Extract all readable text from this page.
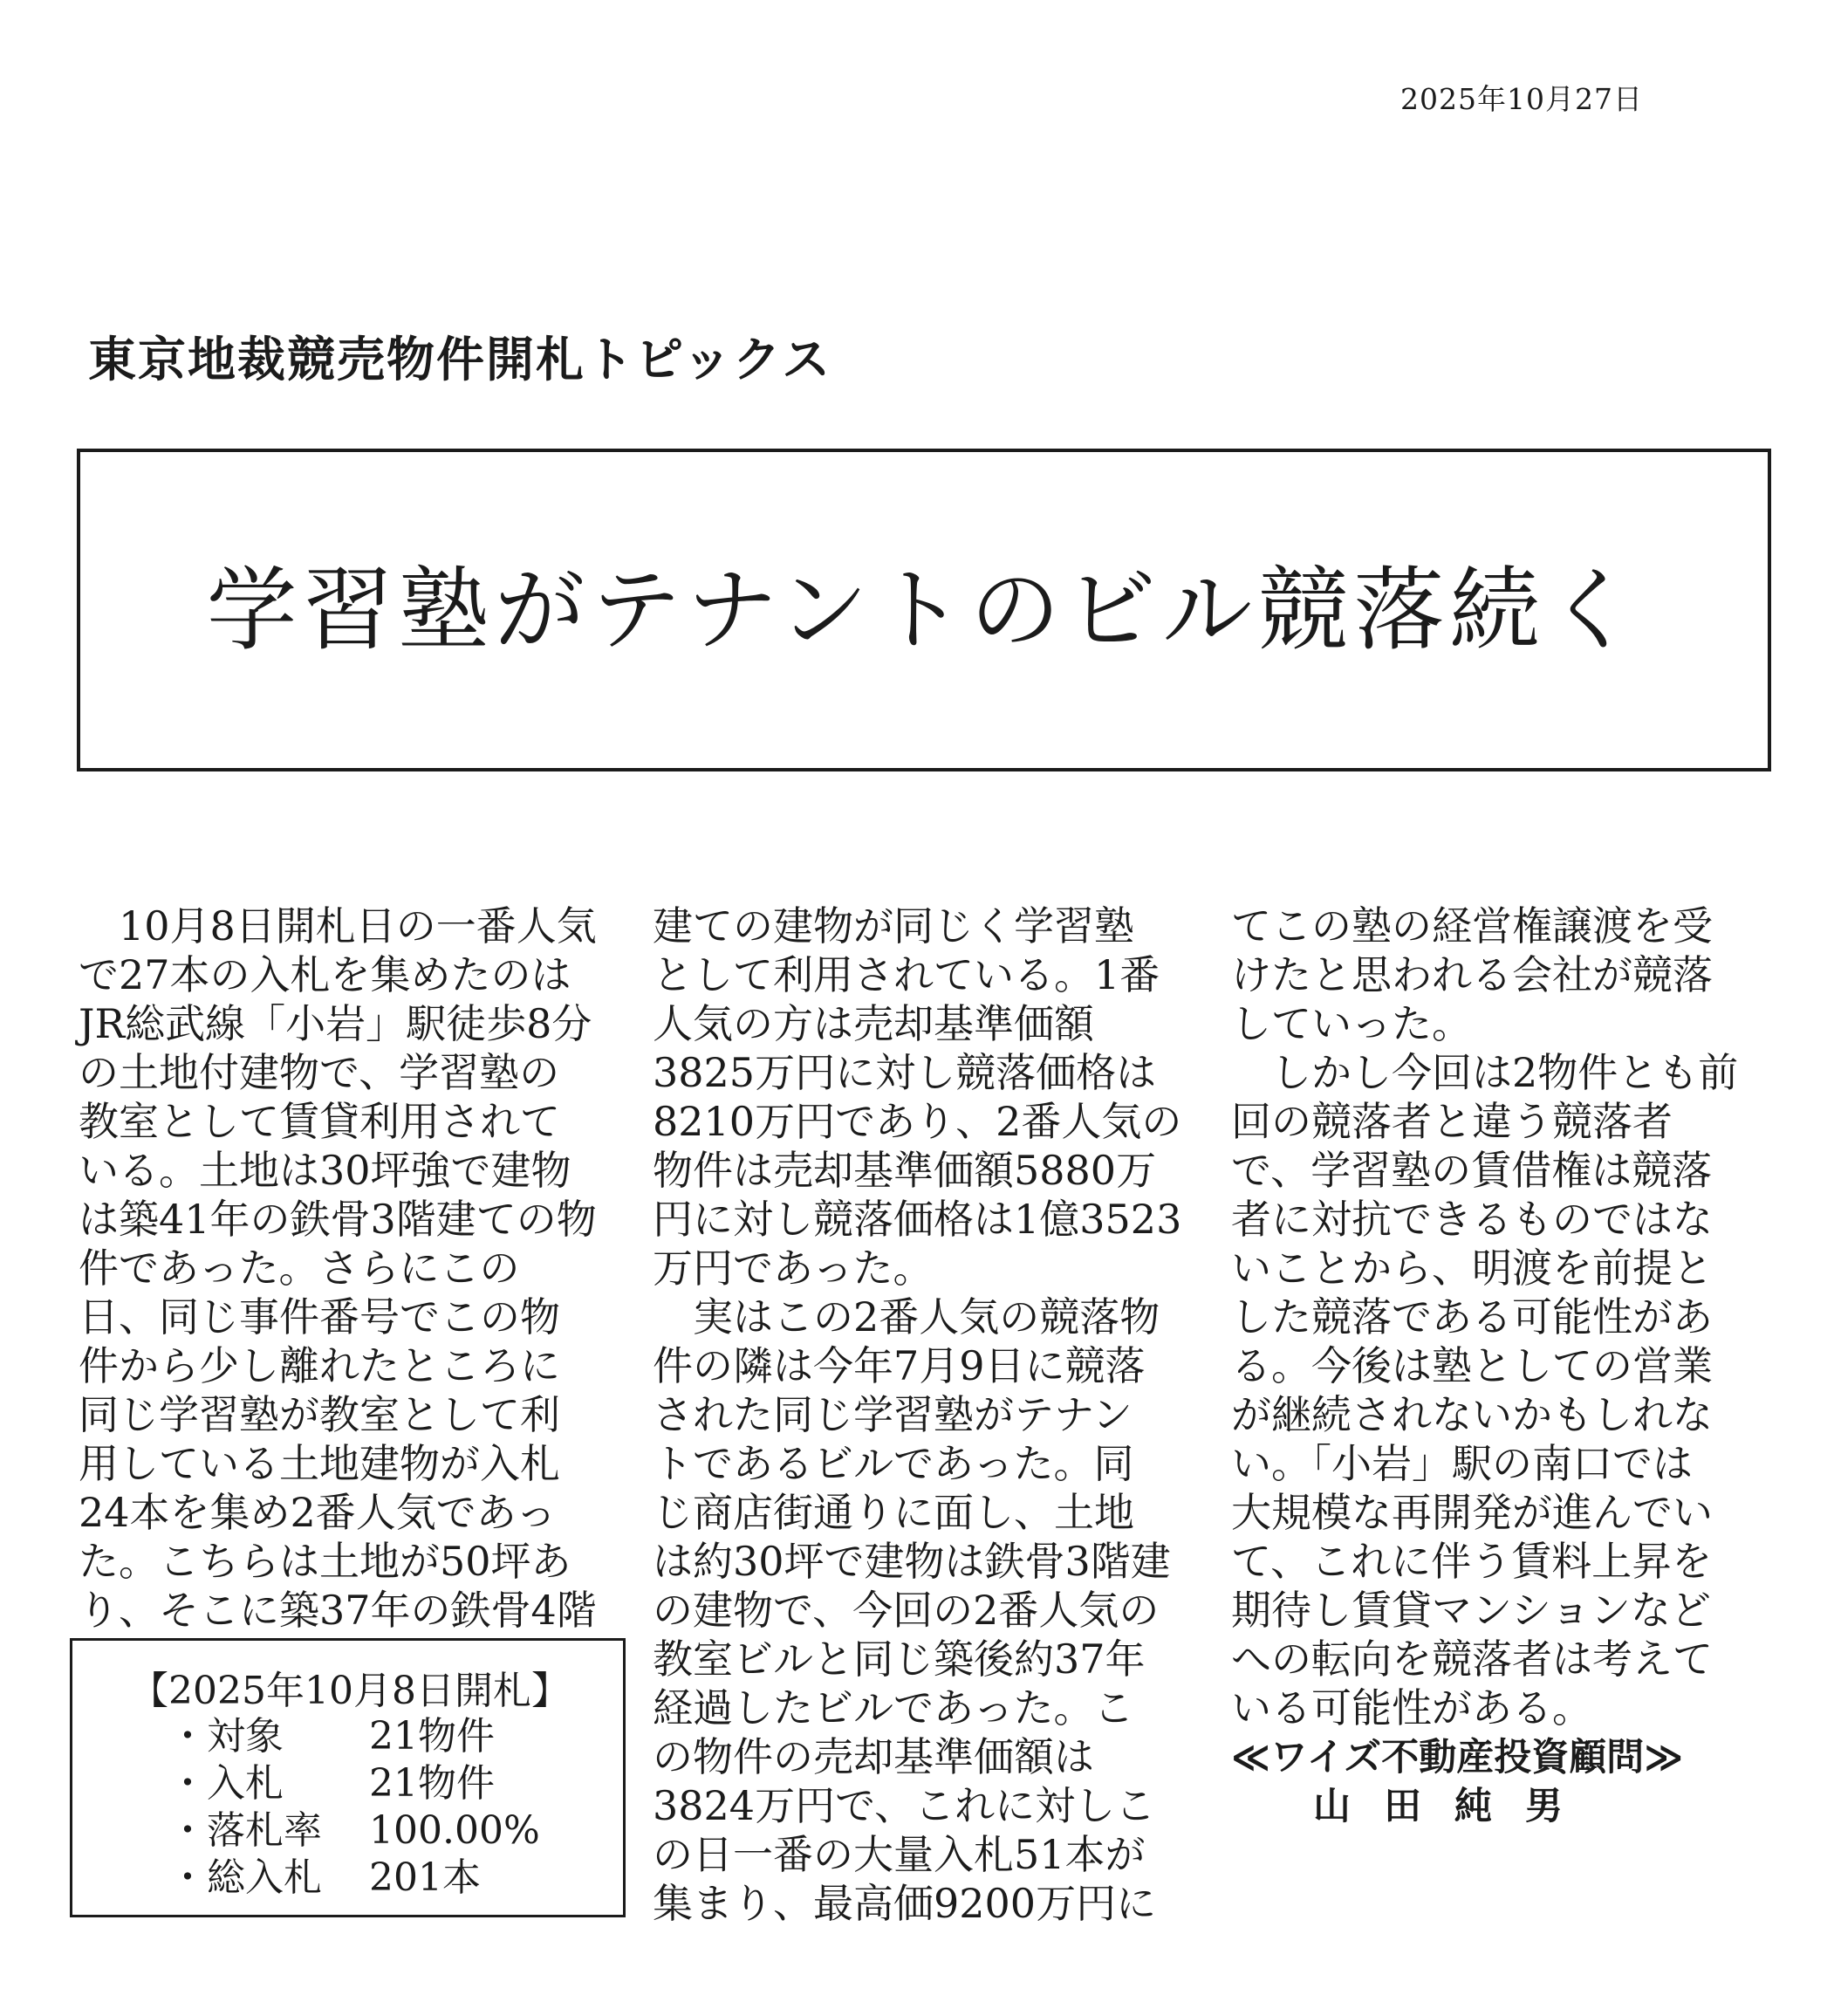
2025年10月27日
東京地裁競売物件開札トピックス
学習塾がテナントのビル競落続く
　10月8日開札日の一番人気
で27本の入札を集めたのは
JR総武線「小岩」駅徒歩8分
の土地付建物で、学習塾の
教室として賃貸利用されて
いる。土地は30坪強で建物
は築41年の鉄骨3階建ての物
件であった。さらにこの
日、同じ事件番号でこの物
件から少し離れたところに
同じ学習塾が教室として利
用している土地建物が入札
24本を集め2番人気であっ
た。こちらは土地が50坪あ
り、そこに築37年の鉄骨4階
建ての建物が同じく学習塾
として利用されている。1番
人気の方は売却基準価額
3825万円に対し競落価格は
8210万円であり、2番人気の
物件は売却基準価額5880万
円に対し競落価格は1億3523
万円であった。
　実はこの2番人気の競落物
件の隣は今年7月9日に競落
された同じ学習塾がテナン
トであるビルであった。同
じ商店街通りに面し、土地
は約30坪で建物は鉄骨3階建
の建物で、今回の2番人気の
教室ビルと同じ築後約37年
経過したビルであった。こ
の物件の売却基準価額は
3824万円で、これに対しこ
の日一番の大量入札51本が
集まり、最高価9200万円に
てこの塾の経営権譲渡を受
けたと思われる会社が競落
していった。
　しかし今回は2物件とも前
回の競落者と違う競落者
で、学習塾の賃借権は競落
者に対抗できるものではな
いことから、明渡を前提と
した競落である可能性があ
る。今後は塾としての営業
が継続されないかもしれな
い。「小岩」駅の南口では
大規模な再開発が進んでい
て、これに伴う賃料上昇を
期待し賃貸マンションなど
への転向を競落者は考えて
いる可能性がある。
【2025年10月8日開札】
・対象 21物件
・入札 21物件
・落札率 100.00%
・総入札 201本
≪ワイズ不動産投資顧問≫
山田純男
